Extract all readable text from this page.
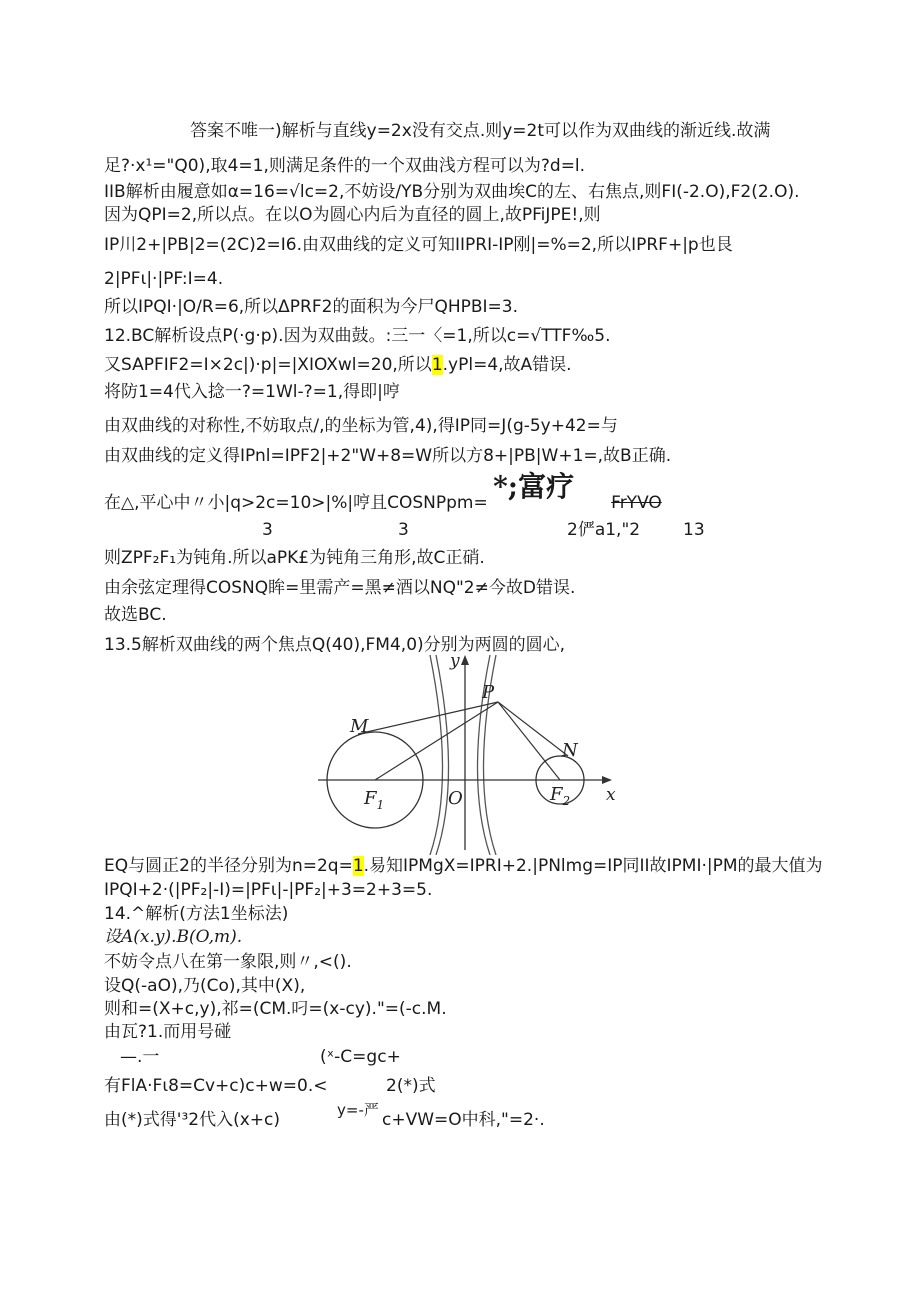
答案不唯一)解析与直线y=2x没有交点.则y=2t可以作为双曲线的渐近线.故满
足?·x¹="Q0),取4=1,则满足条件的一个双曲浅方程可以为?d=l.
IIB解析由履意如α=16=√lc=2,不妨设/YB分别为双曲埃C的左、右焦点,则FI(-2.O),F2(2.O).
因为QPI=2,所以点。在以O为圆心内后为直径的圆上,故PFiJPE!,则
IP川2+|PB|2=(2C)2=I6.由双曲线的定义可知IIPRI-IP刚|=%=2,所以IPRF+|p也艮
2|PFι|·|PF:I=4.
所以IPQI·|O∕R=6,所以ΔPRF2的面积为今尸QHPBI=3.
12.BC解析设点P(·g·p).因为双曲鼓。:三一〈=1,所以c=√TTF‰5.
又SAPFIF2=I×2c|)·p|=|XIOXwl=20,所以1.yPl=4,故A错误.
将防1=4代入捻一?=1Wl-?=1,得即|哼
由双曲线的对称性,不妨取点/,的坐标为管,4),得IP同=J(g-5y+42=与
由双曲线的定义得IPnl=IPF2|+2"W+8=W所以方8+|PB|W+1=,故B正确.
在△,平心中〃小|q>2c=10>|%|哼且COSNPpm= *;富疗 FrYVO
3	3	2俨a1,"2	13
则ZPF₂F₁为钝角.所以aPK£为钝角三角形,故C正硝.
由余弦定理得COSNQ眸=里需产=黑≠酒以NQ"2≠今故D错误.
故选BC.
13.5解析双曲线的两个焦点Q(40),FM4,0)分别为两圆的圆心,
y
x
P
M
N
O
$F_1$	$F_2$
EQ与圆正2的半径分别为n=2q=1.易知IPMgX=IPRI+2.|PNlmg=IP同II故IPMI·|PM的最大值为
IPQI+2·(|PF₂|-I)=|PFι|-|PF₂|+3=2+3=5.
14.^解析(方法1坐标法)
设A(x.y).B(O,m).
不妨令点八在第一象限,则〃,<().
设Q(-aO),乃(Co),其中(X),
则和=(X+c,y),祁=(CM.叼=(x-cy)."=(-c.M.
由瓦?1.而用号碰
—.一	(ˣ-C=gc+
有FlA·Fι8=Cv+c)c+w=0.<	2(*)式
由(*)式得'³2代入(x+c)	y=-严 c+VW=O中科,"=2·.
